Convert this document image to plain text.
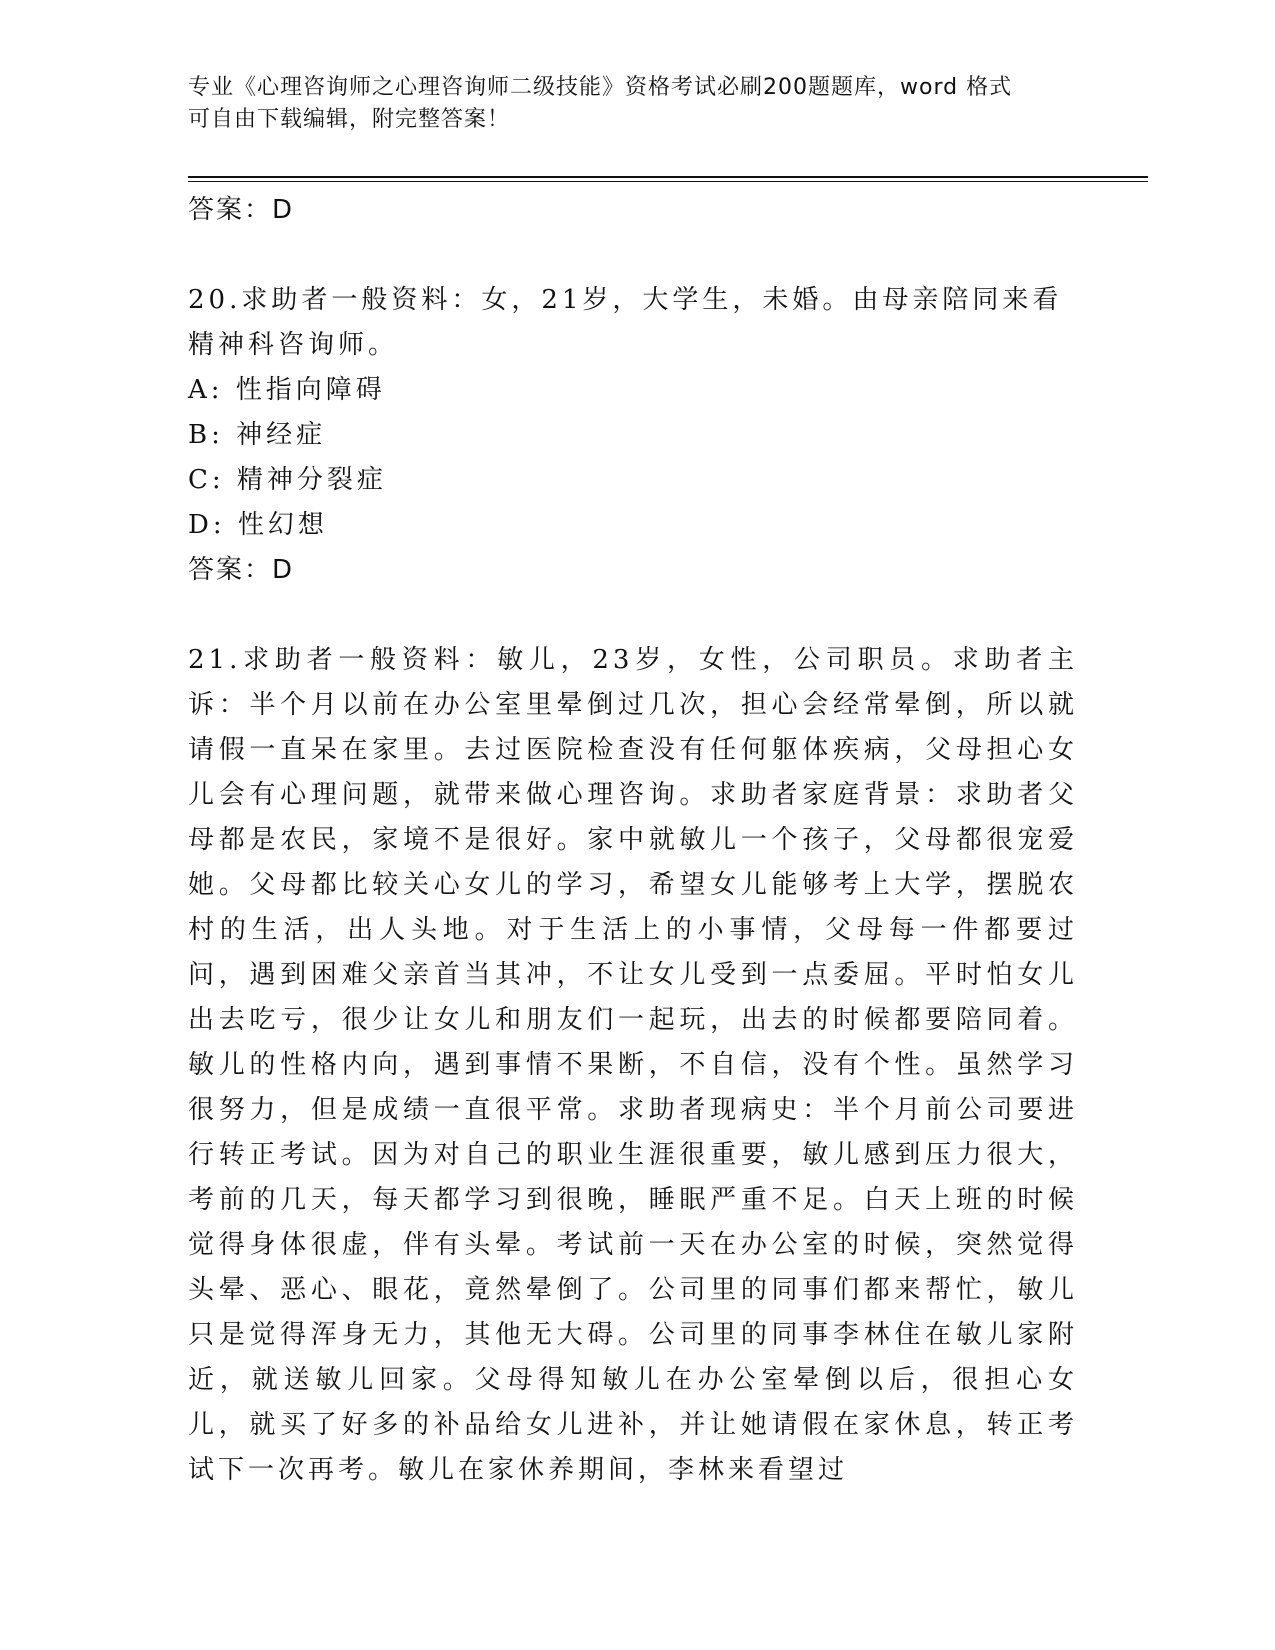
专业《心理咨询师之心理咨询师二级技能》资格考试必刷200题题库，word 格式
可自由下载编辑，附完整答案！

答案：D

20.求助者一般资料：女，21岁，大学生，未婚。由母亲陪同来看精神科咨询师。

A: 性指向障碍

B: 神经症

C: 精神分裂症

D: 性幻想

答案：D

21.求助者一般资料：敏儿，23岁，女性，公司职员。求助者主诉：半个月以前在办公室里晕倒过几次，担心会经常晕倒，所以就请假一直呆在家里。去过医院检查没有任何躯体疾病，父母担心女儿会有心理问题，就带来做心理咨询。求助者家庭背景：求助者父母都是农民，家境不是很好。家中就敏儿一个孩子，父母都很宠爱她。父母都比较关心女儿的学习，希望女儿能够考上大学，摆脱农村的生活，出人头地。对于生活上的小事情，父母每一件都要过问，遇到困难父亲首当其冲，不让女儿受到一点委屈。平时怕女儿出去吃亏，很少让女儿和朋友们一起玩，出去的时候都要陪同着。敏儿的性格内向，遇到事情不果断，不自信，没有个性。虽然学习很努力，但是成绩一直很平常。求助者现病史：半个月前公司要进行转正考试。因为对自己的职业生涯很重要，敏儿感到压力很大，考前的几天，每天都学习到很晚，睡眠严重不足。白天上班的时候觉得身体很虚，伴有头晕。考试前一天在办公室的时候，突然觉得头晕、恶心、眼花，竟然晕倒了。公司里的同事们都来帮忙，敏儿只是觉得浑身无力，其他无大碍。公司里的同事李林住在敏儿家附近，就送敏儿回家。父母得知敏儿在办公室晕倒以后，很担心女儿，就买了好多的补品给女儿进补，并让她请假在家休息，转正考试下一次再考。敏儿在家休养期间，李林来看望过
